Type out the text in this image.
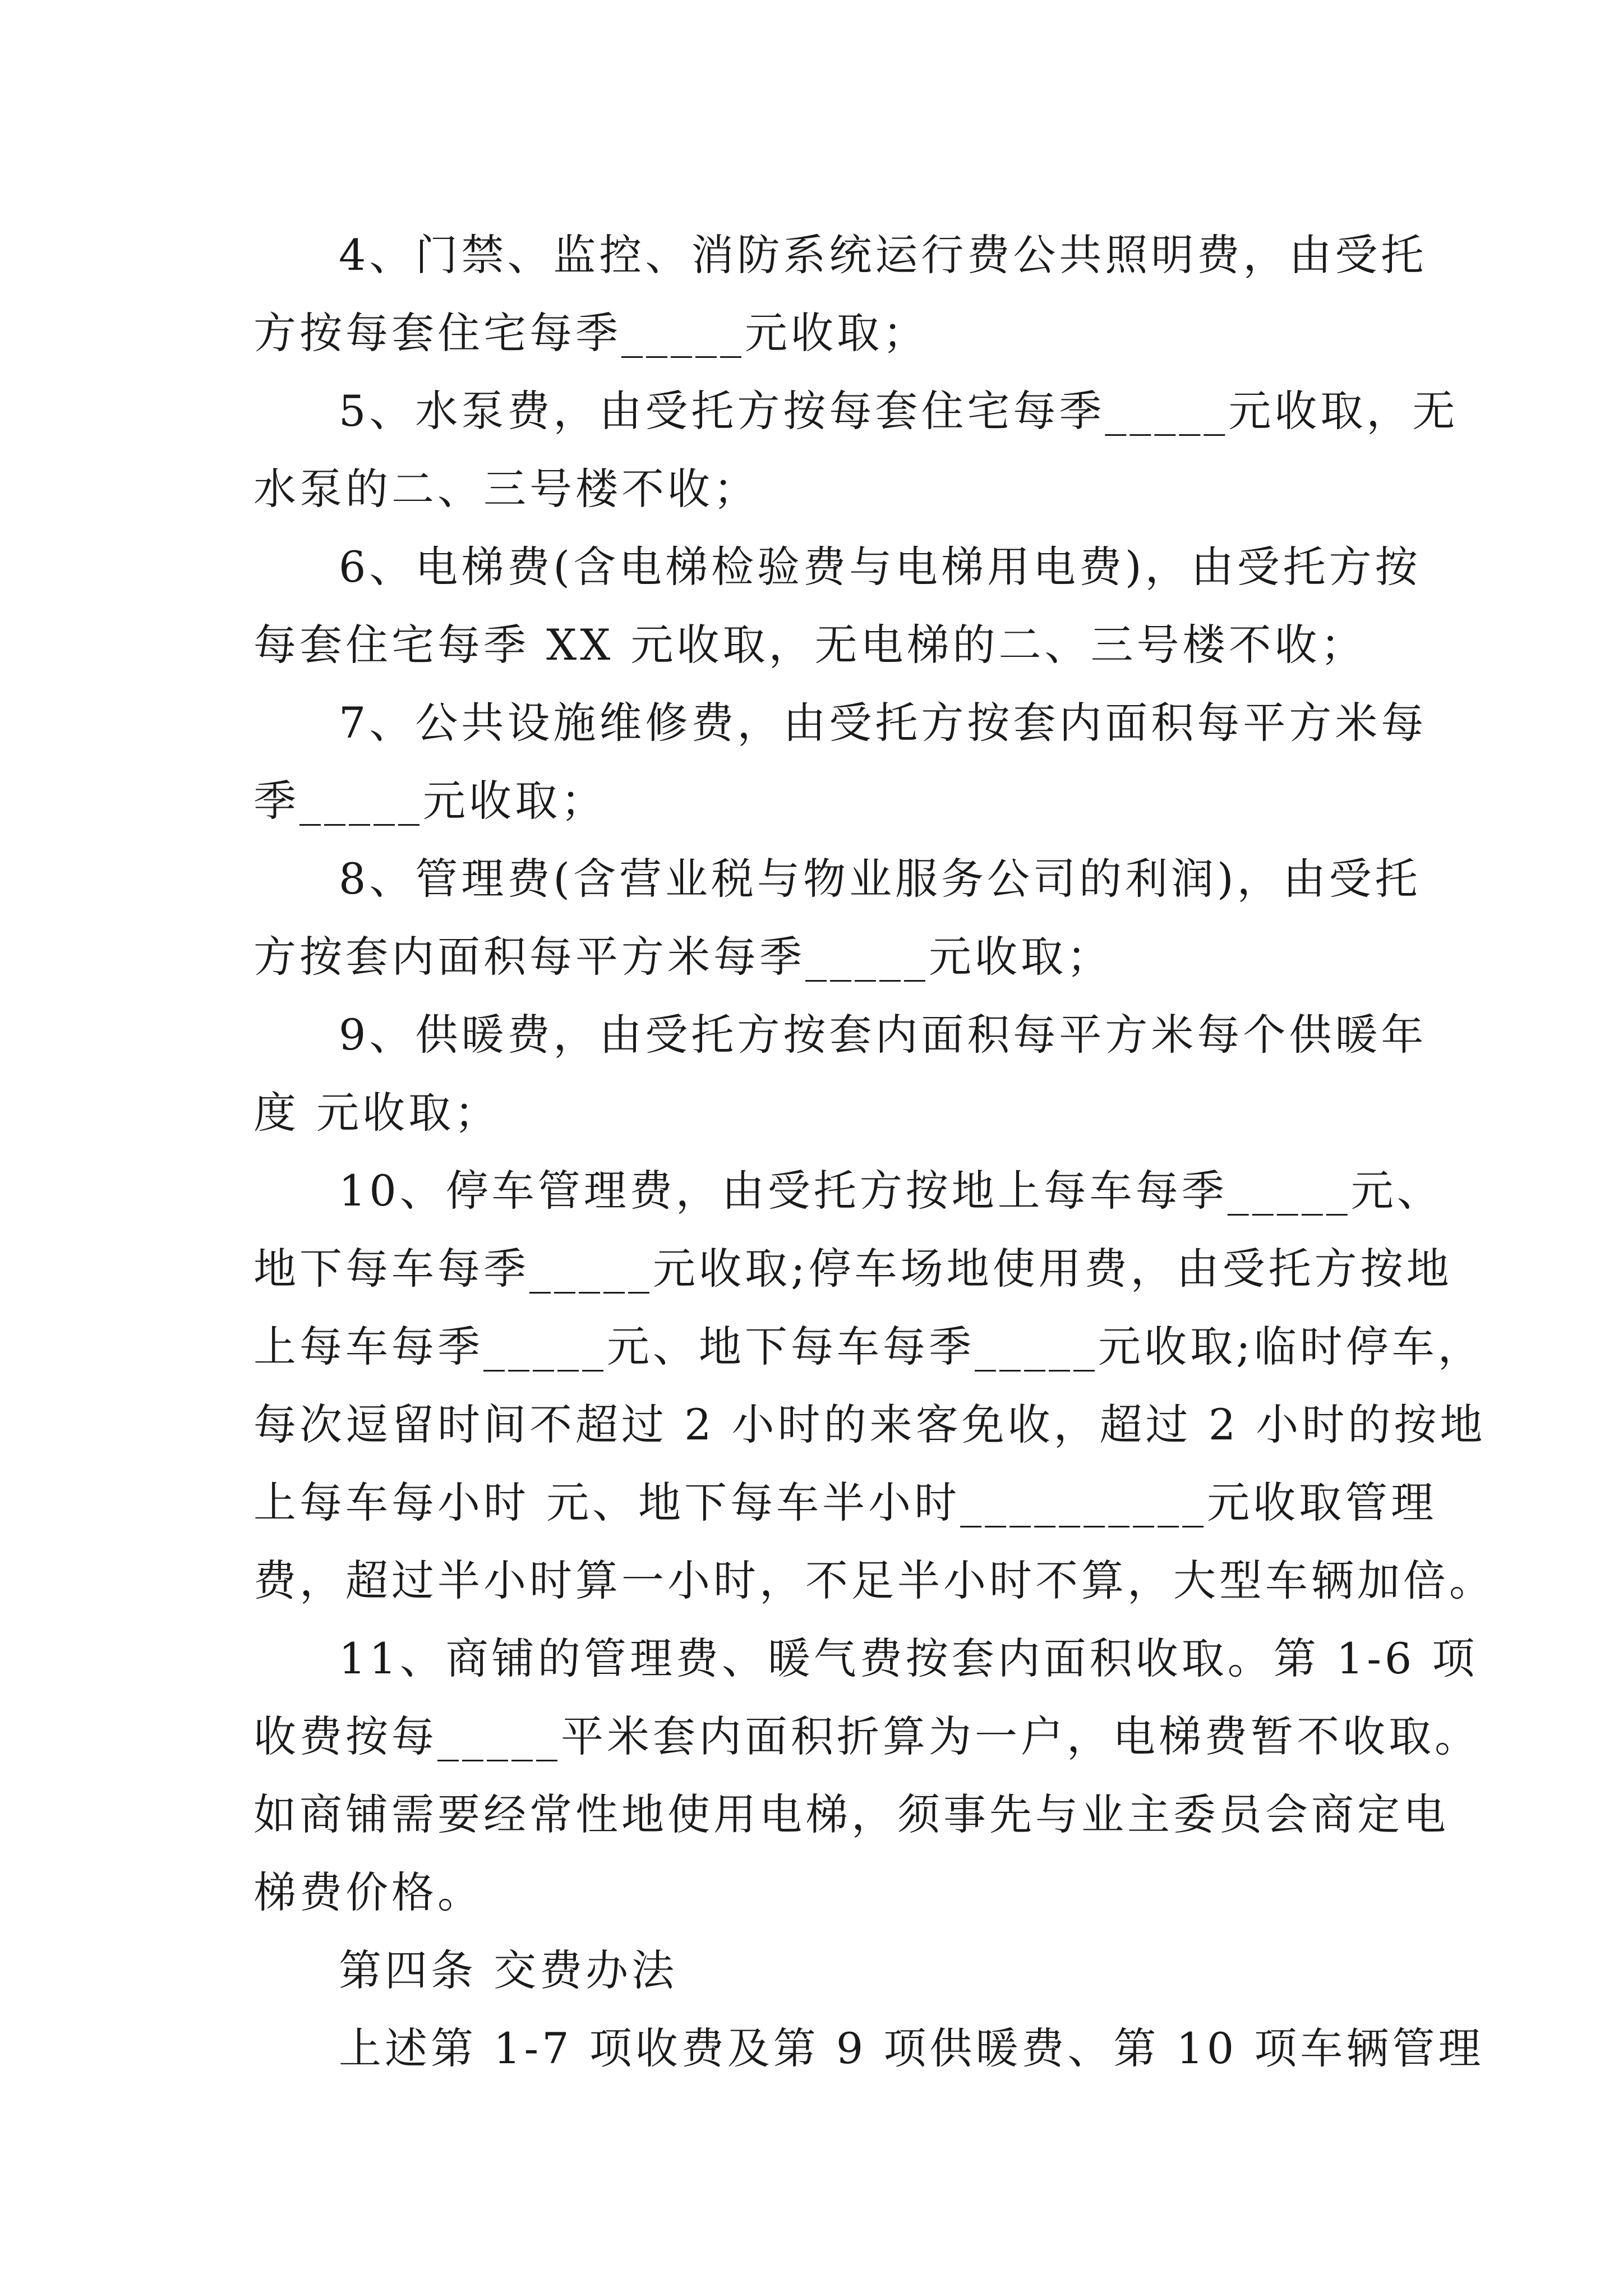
4、门禁、监控、消防系统运行费公共照明费，由受托
方按每套住宅每季_____元收取；
5、水泵费，由受托方按每套住宅每季_____元收取，无
水泵的二、三号楼不收；
6、电梯费(含电梯检验费与电梯用电费)，由受托方按
每套住宅每季 XX 元收取，无电梯的二、三号楼不收；
7、公共设施维修费，由受托方按套内面积每平方米每
季_____元收取；
8、管理费(含营业税与物业服务公司的利润)，由受托
方按套内面积每平方米每季_____元收取；
9、供暖费，由受托方按套内面积每平方米每个供暖年
度 元收取；
10、停车管理费，由受托方按地上每车每季_____元、
地下每车每季_____元收取;停车场地使用费，由受托方按地
上每车每季_____元、地下每车每季_____元收取;临时停车，
每次逗留时间不超过 2 小时的来客免收，超过 2 小时的按地
上每车每小时 元、地下每车半小时__________元收取管理
费，超过半小时算一小时，不足半小时不算，大型车辆加倍。
11、商铺的管理费、暖气费按套内面积收取。第 1-6 项
收费按每_____平米套内面积折算为一户，电梯费暂不收取。
如商铺需要经常性地使用电梯，须事先与业主委员会商定电
梯费价格。
第四条 交费办法
上述第 1-7 项收费及第 9 项供暖费、第 10 项车辆管理
